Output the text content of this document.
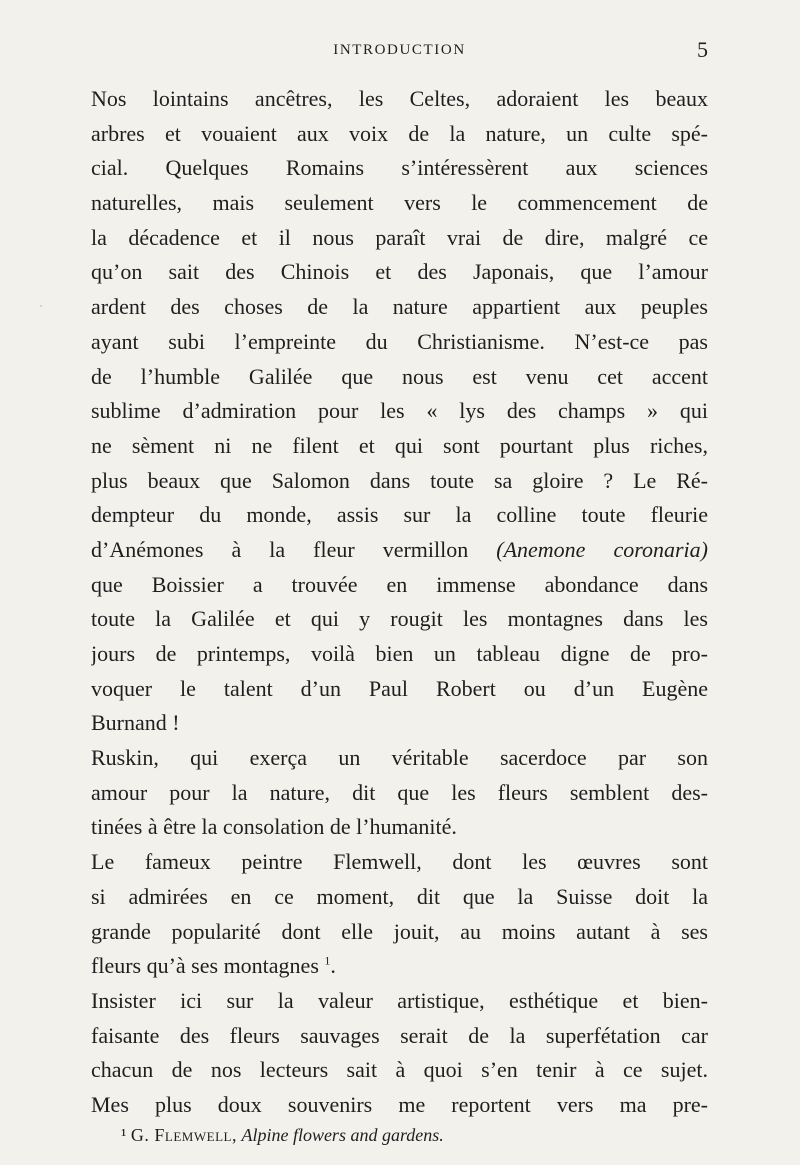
INTRODUCTION	5
Nos lointains ancêtres, les Celtes, adoraient les beaux
arbres et vouaient aux voix de la nature, un culte spé-
cial. Quelques Romains s’intéressèrent aux sciences
naturelles, mais seulement vers le commencement de
la décadence et il nous paraît vrai de dire, malgré ce
qu’on sait des Chinois et des Japonais, que l’amour
ardent des choses de la nature appartient aux peuples
ayant subi l’empreinte du Christianisme. N’est-ce pas
de l’humble Galilée que nous est venu cet accent
sublime d’admiration pour les « lys des champs » qui
ne sèment ni ne filent et qui sont pourtant plus riches,
plus beaux que Salomon dans toute sa gloire ? Le Ré-
dempteur du monde, assis sur la colline toute fleurie
d’Anémones à la fleur vermillon (Anemone coronaria)
que Boissier a trouvée en immense abondance dans
toute la Galilée et qui y rougit les montagnes dans les
jours de printemps, voilà bien un tableau digne de pro-
voquer le talent d’un Paul Robert ou d’un Eugène
Burnand !
Ruskin, qui exerça un véritable sacerdoce par son
amour pour la nature, dit que les fleurs semblent des-
tinées à être la consolation de l’humanité.
Le fameux peintre Flemwell, dont les œuvres sont
si admirées en ce moment, dit que la Suisse doit la
grande popularité dont elle jouit, au moins autant à ses
fleurs qu’à ses montagnes $^1$.
Insister ici sur la valeur artistique, esthétique et bien-
faisante des fleurs sauvages serait de la superfétation car
chacun de nos lecteurs sait à quoi s’en tenir à ce sujet.
Mes plus doux souvenirs me reportent vers ma pre-
¹ G. Flemwell, Alpine flowers and gardens.
